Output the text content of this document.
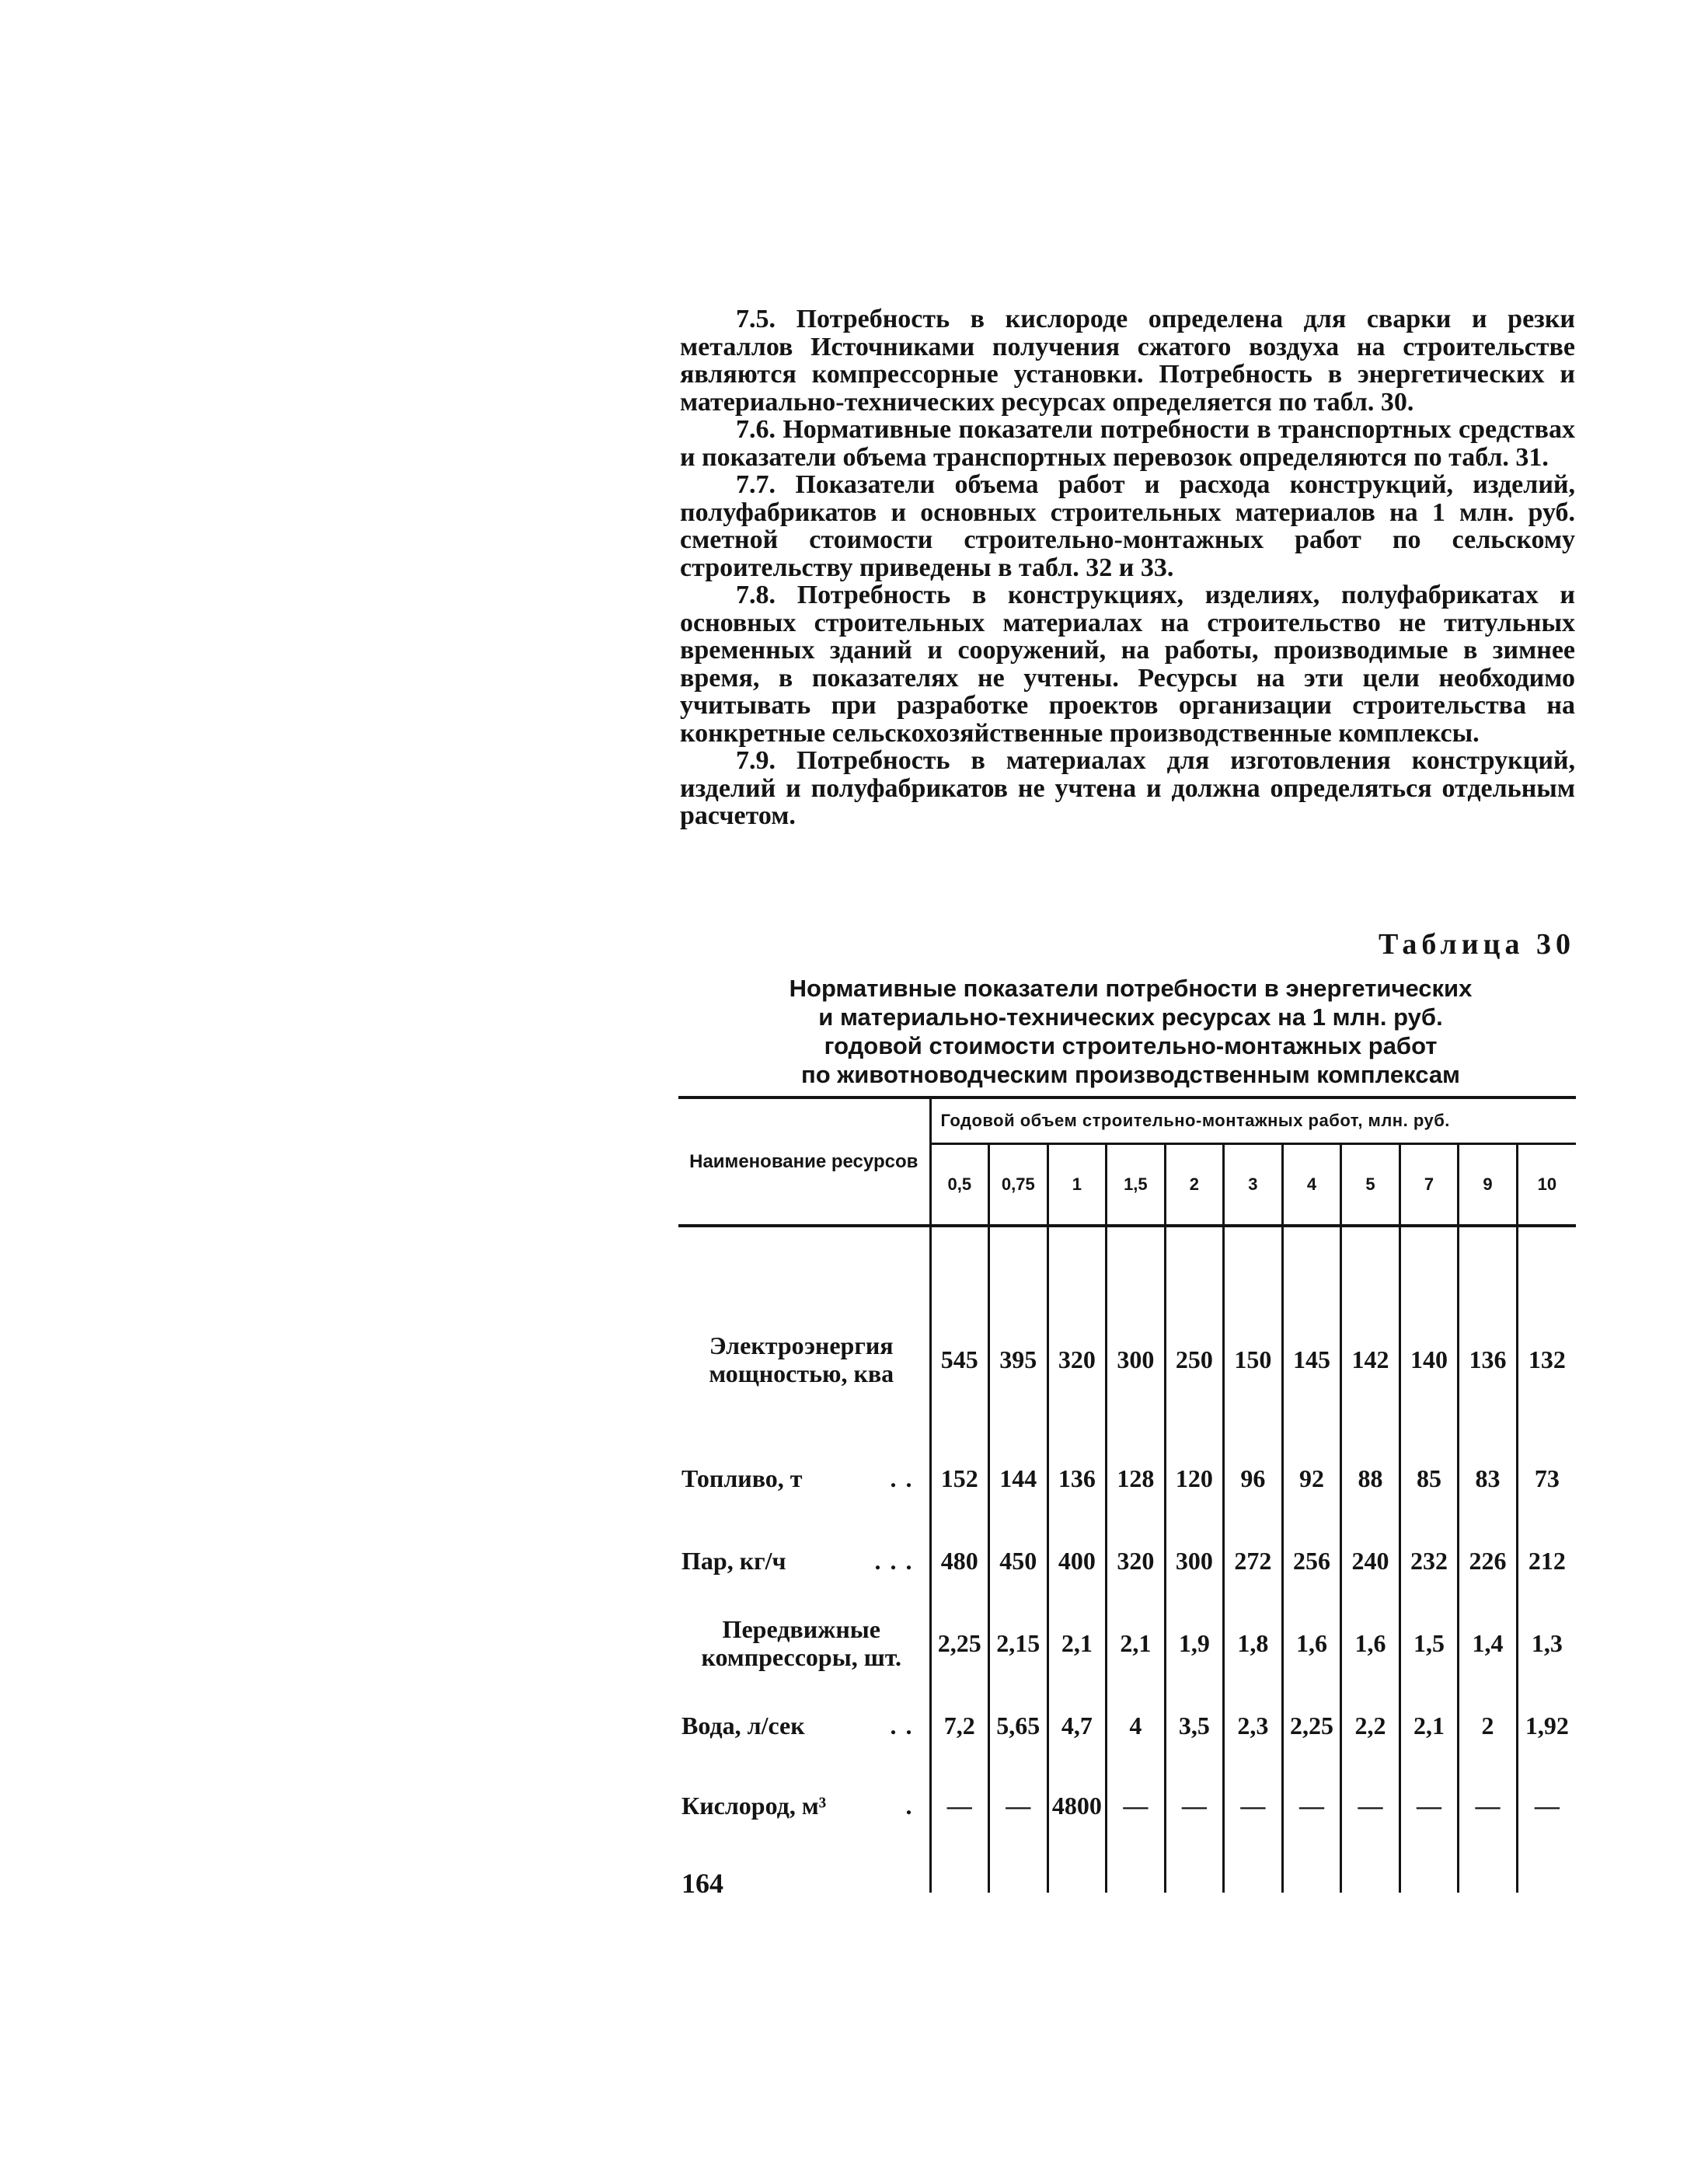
7.5. Потребность в кислороде определена для сварки и резки металлов Источниками получения сжатого воздуха на строительстве являются компрессорные установки. Потребность в энергетических и материально-технических ресурсах определяется по табл. 30.

7.6. Нормативные показатели потребности в транспортных средствах и показатели объема транспортных перевозок определяются по табл. 31.

7.7. Показатели объема работ и расхода конструкций, изделий, полуфабрикатов и основных строительных материалов на 1 млн. руб. сметной стоимости строительно-монтажных работ по сельскому строительству приведены в табл. 32 и 33.

7.8. Потребность в конструкциях, изделиях, полуфабрикатах и основных строительных материалах на строительство не титульных временных зданий и сооружений, на работы, производимые в зимнее время, в показателях не учтены. Ресурсы на эти цели необходимо учитывать при разработке проектов организации строительства на конкретные сельскохозяйственные производственные комплексы.

7.9. Потребность в материалах для изготовления конструкций, изделий и полуфабрикатов не учтена и должна определяться отдельным расчетом.

Таблица 30
Нормативные показатели потребности в энергетических
и материально-технических ресурсах на 1 млн. руб.
годовой стоимости строительно-монтажных работ
по животноводческим производственным комплексам
Наименование ресурсов	Годовой объем строительно-монтажных работ, млн. руб.										
	0,5	0,75	1	1,5	2	3	4	5	7	9	10

Электроэнергия мощностью, ква	545	395	320	300	250	150	145	142	140	136	132

Топливо, т ..	152	144	136	128	120	96	92	88	85	83	73

Пар, кг/ч ...	480	450	400	320	300	272	256	240	232	226	212

Передвижные компрессоры, шт.	2,25	2,15	2,1	2,1	1,9	1,8	1,6	1,6	1,5	1,4	1,3

Вода, л/сек ..	7,2	5,65	4,7	4	3,5	2,3	2,25	2,2	2,1	2	1,92

Кислород, м³ .	—	—	4800	—	—	—	—	—	—	—	—
164
